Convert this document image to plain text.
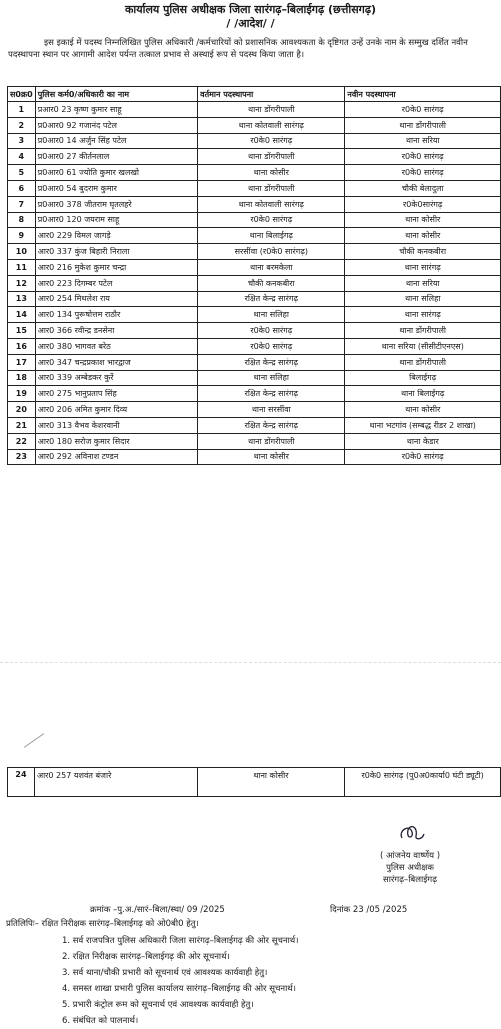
कार्यालय पुलिस अधीक्षक जिला सारंगढ़–बिलाईगढ़ (छत्तीसगढ़)
/ /आदेश/ /
इस इकाई में पदस्थ निम्नलिखित पुलिस अधिकारी /कर्मचारियों को प्रशासनिक आवश्यकता के दृष्टिगत उन्हें उनके नाम के सम्मुख दर्शित नवीन पदस्थापना स्थान पर आगामी आदेश पर्यन्त तत्काल प्रभाव से अस्थाई रूप से पदस्थ किया जाता है।
स0क्र0	पुलिस कर्म0/अधिकारी का नाम	वर्तमान पदस्थापना	नवीन पदस्थापना
1	प्रआर0 23 कृष्ण कुमार साहू	थाना डोंगरीपाली	र0के0 सारंगढ़
2	प्र0आर0 92 गजानंद पटेल	थाना कोतवाली सारंगढ़	थाना डोंगरीपाली
3	प्र0आर0 14 अर्जुन सिंह पटेल	र0के0 सारंगढ़	थाना सरिया
4	प्र0आर0 27 कीर्तनलाल	थाना डोंगरीपाली	र0के0 सारंगढ़
5	प्र0आर0 61 ज्योति कुमार खलखो	थाना कोसीर	र0के0 सारंगढ़
6	प्र0आर0 54 बुदराम कुमार	थाना डोंगरीपाली	चौकी बेलादुला
7	प्र0आर0 378 जीतराम घृतलहरे	थाना कोतवाली सारंगढ़	र0के0सारंगढ़
8	प्र0आर0 120 जयराम साहू	र0के0 सारंगढ़	थाना कोसीर
9	आर0 229 विमल जागड़े	थाना बिलाईगढ़	थाना कोसीर
10	आर0 337 कुंज बिहारी निराला	सरसींवा (र0के0 सारंगढ़)	चौकी कनकबीरा
11	आर0 216 मुकेश कुमार चन्द्रा	थाना बरमकेला	थाना सारंगढ़
12	आर0 223 दिगम्बर पटेल	चौकी कनकबीरा	थाना सरिया
13	आर0 254 मिथलेश राय	रक्षित केन्द्र सारंगढ़	थाना सलिहा
14	आर0 134 पुरूषोत्तम राठौर	थाना सलिहा	थाना सारंगढ़
15	आर0 366 रवीन्द्र डनसेना	र0के0 सारंगढ़	थाना डोंगरीपाली
16	आर0 380 भागवत बरेठ	र0के0 सारंगढ़	थाना सरिया (सीसीटीएनएस)
17	आर0 347 चन्द्रप्रकाश भारद्वाज	रक्षित केन्द्र सारंगढ़	थाना डोंगरीपाली
18	आर0 339 अम्बेडकर कुर्रे	थाना सलिहा	बिलाईगढ़
19	आर0 275 भानुप्रताप सिंह	रक्षित केन्द्र सारंगढ़	थाना बिलाईगढ़
20	आर0 206 अमित कुमार दिव्य	थाना सरसींवा	थाना कोसीर
21	आर0 313 वैभव केशरवानी	रक्षित केन्द्र सारंगढ़	थाना भटगांव (सम्बद्ध रीडर 2 शाखा)
22	आर0 180 सरोज कुमार सिदार	थाना डोंगरीपाली	थाना केडार
23	आर0 292 अविनाश टण्डन	थाना कोसीर	र0के0 सारंगढ़
24	आर0 257 यशवंत बंजारे	थाना कोसीर	र0के0 सारंगढ़ (पु0अ0कार्या0 घंटी ड्यूटी)
( आंजनेय वार्ष्णेय )
पुलिस अधीक्षक
सारंगढ़–बिलाईगढ़
क्रमांक –पु.अ./सारं–बिला/स्था/ 09 /2025	दिनांक 23 /05 /2025
प्रतिलिपिः– रक्षित निरीक्षक सारंगढ़–बिलाईगढ़ को ओ0बी0 हेतु।
1. सर्व राजपत्रित पुलिस अधिकारी जिला सारंगढ़–बिलाईगढ़ की ओर सूचनार्थ।
2. रक्षित निरीक्षक सारंगढ़–बिलाईगढ़ की ओर सूचनार्थ।
3. सर्व थाना/चौकी प्रभारी को सूचनार्थ एवं आवश्यक कार्यवाही हेतु।
4. समस्त शाखा प्रभारी पुलिस कार्यालय सारंगढ़–बिलाईगढ़ की ओर सूचनार्थ।
5. प्रभारी कंट्रोल रूम को सूचनार्थ एवं आवश्यक कार्यवाही हेतु।
6. संबंधित को पालनार्थ।
